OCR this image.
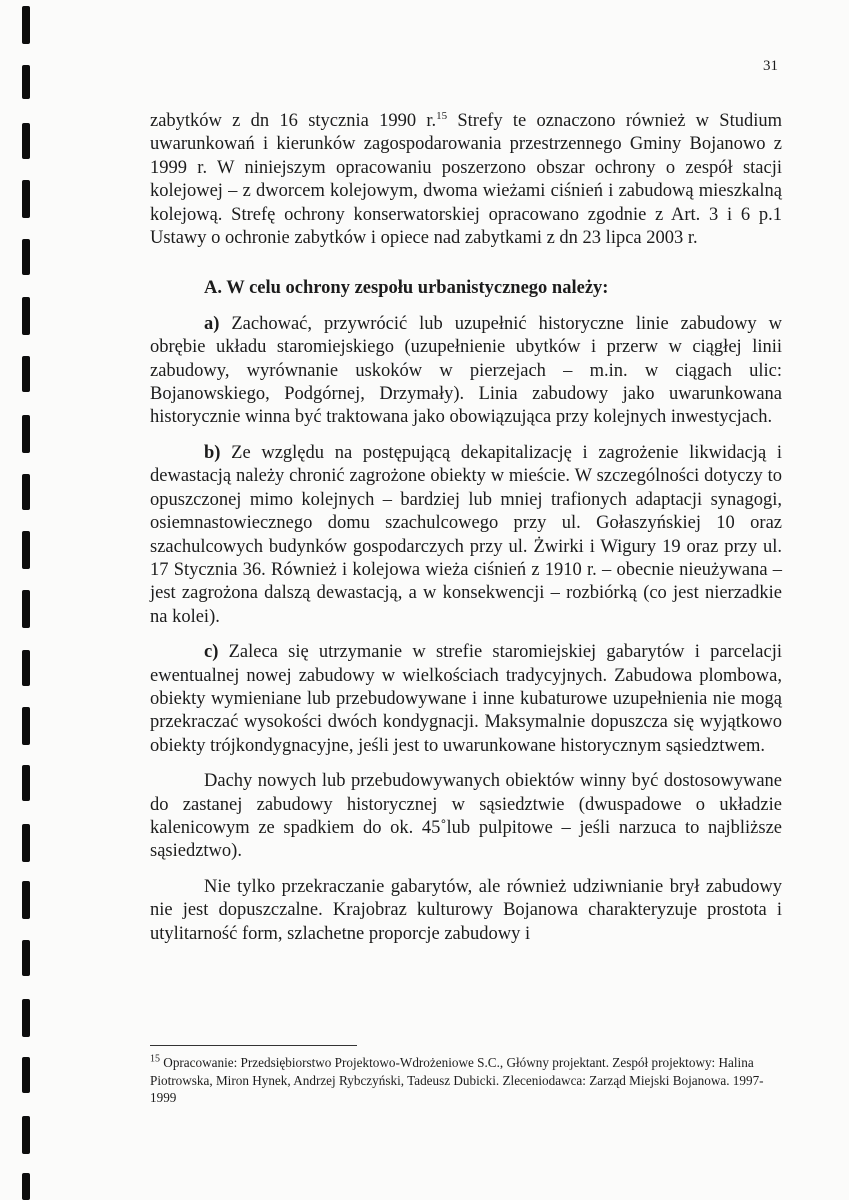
31

zabytków z dn 16 stycznia 1990 r.$^{15}$ Strefy te oznaczono również w Studium uwarunkowań i kierunków zagospodarowania przestrzennego Gminy Bojanowo z 1999 r. W niniejszym opracowaniu poszerzono obszar ochrony o zespół stacji kolejowej – z dworcem kolejowym, dwoma wieżami ciśnień i zabudową mieszkalną kolejową. Strefę ochrony konserwatorskiej opracowano zgodnie z Art. 3 i 6 p.1 Ustawy o ochronie zabytków i opiece nad zabytkami z dn 23 lipca 2003 r.

A. W celu ochrony zespołu urbanistycznego należy:

a) Zachować, przywrócić lub uzupełnić historyczne linie zabudowy w obrębie układu staromiejskiego (uzupełnienie ubytków i przerw w ciągłej linii zabudowy, wyrównanie uskoków w pierzejach – m.in. w ciągach ulic: Bojanowskiego, Podgórnej, Drzymały). Linia zabudowy jako uwarunkowana historycznie winna być traktowana jako obowiązująca przy kolejnych inwestycjach.

b) Ze względu na postępującą dekapitalizację i zagrożenie likwidacją i dewastacją należy chronić zagrożone obiekty w mieście. W szczególności dotyczy to opuszczonej mimo kolejnych – bardziej lub mniej trafionych adaptacji synagogi, osiemnastowiecznego domu szachulcowego przy ul. Gołaszyńskiej 10 oraz szachulcowych budynków gospodarczych przy ul. Żwirki i Wigury 19 oraz przy ul. 17 Stycznia 36. Również i kolejowa wieża ciśnień z 1910 r. – obecnie nieużywana – jest zagrożona dalszą dewastacją, a w konsekwencji – rozbiórką (co jest nierzadkie na kolei).

c) Zaleca się utrzymanie w strefie staromiejskiej gabarytów i parcelacji ewentualnej nowej zabudowy w wielkościach tradycyjnych. Zabudowa plombowa, obiekty wymieniane lub przebudowywane i inne kubaturowe uzupełnienia nie mogą przekraczać wysokości dwóch kondygnacji. Maksymalnie dopuszcza się wyjątkowo obiekty trójkondygnacyjne, jeśli jest to uwarunkowane historycznym sąsiedztwem.

Dachy nowych lub przebudowywanych obiektów winny być dostosowywane do zastanej zabudowy historycznej w sąsiedztwie (dwuspadowe o układzie kalenicowym ze spadkiem do ok. 45˚lub pulpitowe – jeśli narzuca to najbliższe sąsiedztwo).

Nie tylko przekraczanie gabarytów, ale również udziwnianie brył zabudowy nie jest dopuszczalne. Krajobraz kulturowy Bojanowa charakteryzuje prostota i utylitarność form, szlachetne proporcje zabudowy i

$^{15}$ Opracowanie: Przedsiębiorstwo Projektowo-Wdrożeniowe S.C., Główny projektant. Zespół projektowy: Halina Piotrowska, Miron Hynek, Andrzej Rybczyński, Tadeusz Dubicki. Zleceniodawca: Zarząd Miejski Bojanowa. 1997-1999
